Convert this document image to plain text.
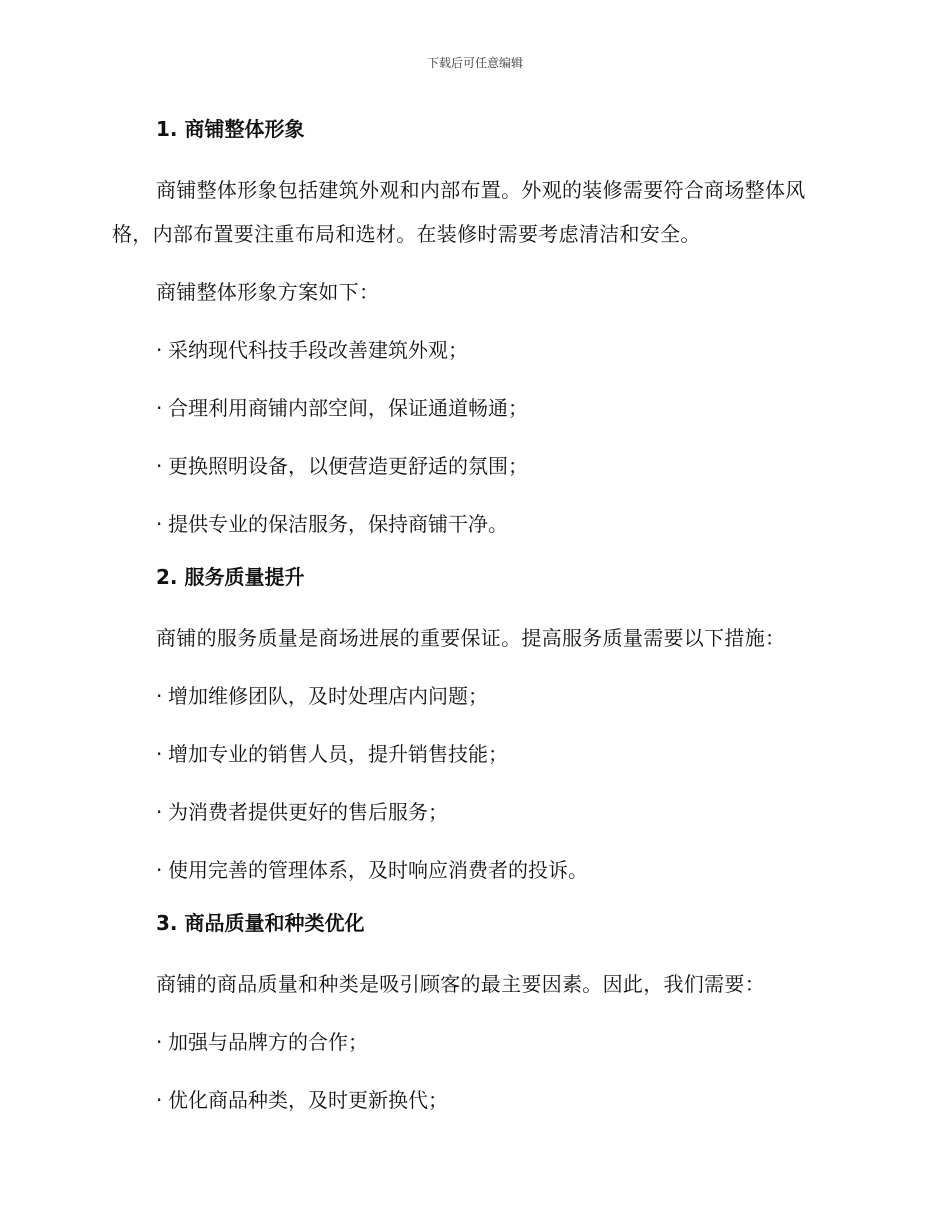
下载后可任意编辑
1. 商铺整体形象

商铺整体形象包括建筑外观和内部布置。外观的装修需要符合商场整体风格，内部布置要注重布局和选材。在装修时需要考虑清洁和安全。

商铺整体形象方案如下：

· 采纳现代科技手段改善建筑外观；
· 合理利用商铺内部空间，保证通道畅通；
· 更换照明设备，以便营造更舒适的氛围；
· 提供专业的保洁服务，保持商铺干净。
2. 服务质量提升

商铺的服务质量是商场进展的重要保证。提高服务质量需要以下措施：

· 增加维修团队，及时处理店内问题；
· 增加专业的销售人员，提升销售技能；
· 为消费者提供更好的售后服务；
· 使用完善的管理体系，及时响应消费者的投诉。
3. 商品质量和种类优化

商铺的商品质量和种类是吸引顾客的最主要因素。因此，我们需要：

· 加强与品牌方的合作；
· 优化商品种类，及时更新换代；
